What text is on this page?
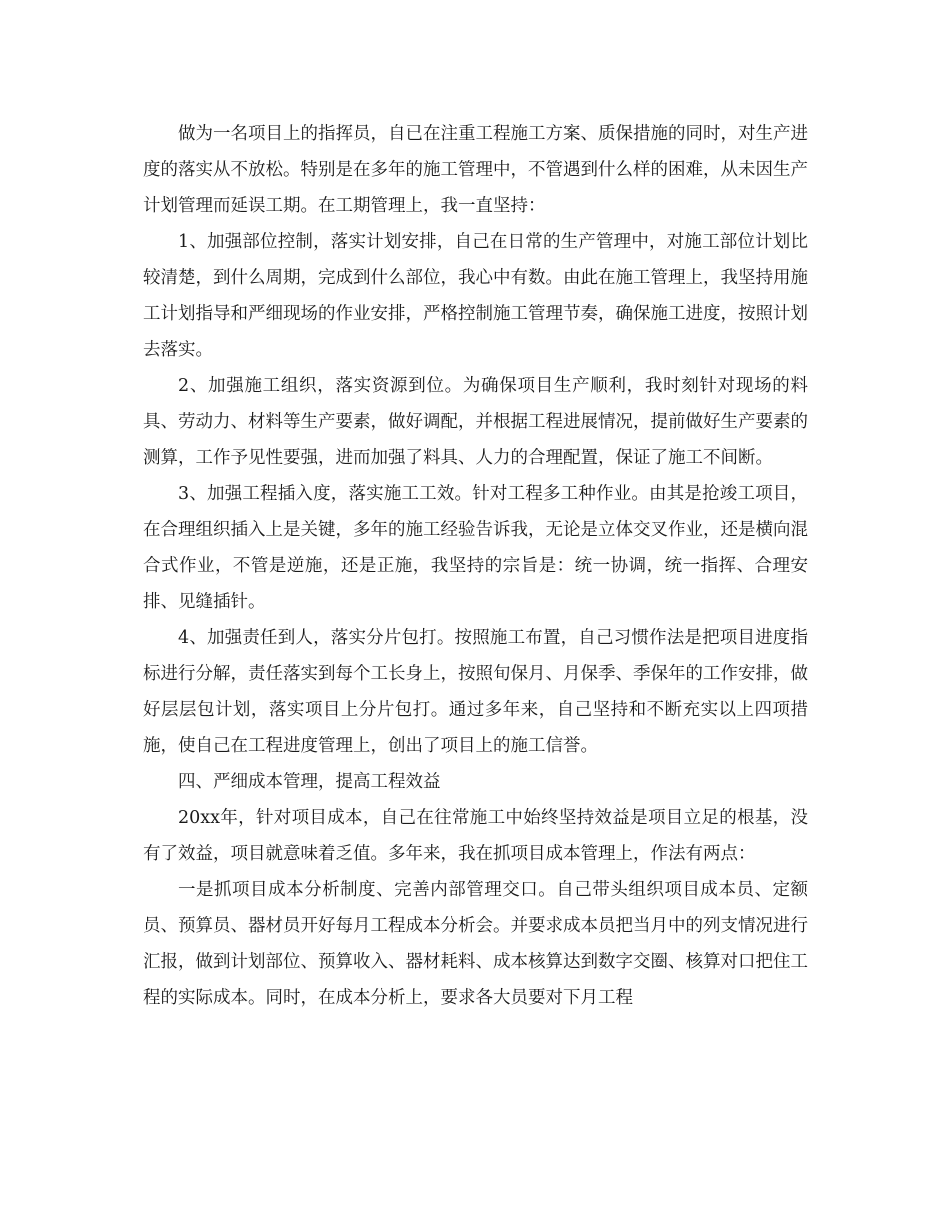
做为一名项目上的指挥员，自已在注重工程施工方案、质保措施的同时，对生产进度的落实从不放松。特别是在多年的施工管理中，不管遇到什么样的困难，从未因生产计划管理而延误工期。在工期管理上，我一直坚持：

1、加强部位控制，落实计划安排，自己在日常的生产管理中，对施工部位计划比较清楚，到什么周期，完成到什么部位，我心中有数。由此在施工管理上，我坚持用施工计划指导和严细现场的作业安排，严格控制施工管理节奏，确保施工进度，按照计划去落实。

2、加强施工组织，落实资源到位。为确保项目生产顺利，我时刻针对现场的料具、劳动力、材料等生产要素，做好调配，并根据工程进展情况，提前做好生产要素的测算，工作予见性要强，进而加强了料具、人力的合理配置，保证了施工不间断。

3、加强工程插入度，落实施工工效。针对工程多工种作业。由其是抢竣工项目，在合理组织插入上是关键，多年的施工经验告诉我，无论是立体交叉作业，还是横向混合式作业，不管是逆施，还是正施，我坚持的宗旨是：统一协调，统一指挥、合理安排、见缝插针。

4、加强责任到人，落实分片包打。按照施工布置，自己习惯作法是把项目进度指标进行分解，责任落实到每个工长身上，按照旬保月、月保季、季保年的工作安排，做好层层包计划，落实项目上分片包打。通过多年来，自己坚持和不断充实以上四项措施，使自己在工程进度管理上，创出了项目上的施工信誉。

四、严细成本管理，提高工程效益

20xx年，针对项目成本，自己在往常施工中始终坚持效益是项目立足的根基，没有了效益，项目就意味着乏值。多年来，我在抓项目成本管理上，作法有两点：

一是抓项目成本分析制度、完善内部管理交口。自己带头组织项目成本员、定额员、预算员、器材员开好每月工程成本分析会。并要求成本员把当月中的列支情况进行汇报，做到计划部位、预算收入、器材耗料、成本核算达到数字交圈、核算对口把住工程的实际成本。同时，在成本分析上，要求各大员要对下月工程
